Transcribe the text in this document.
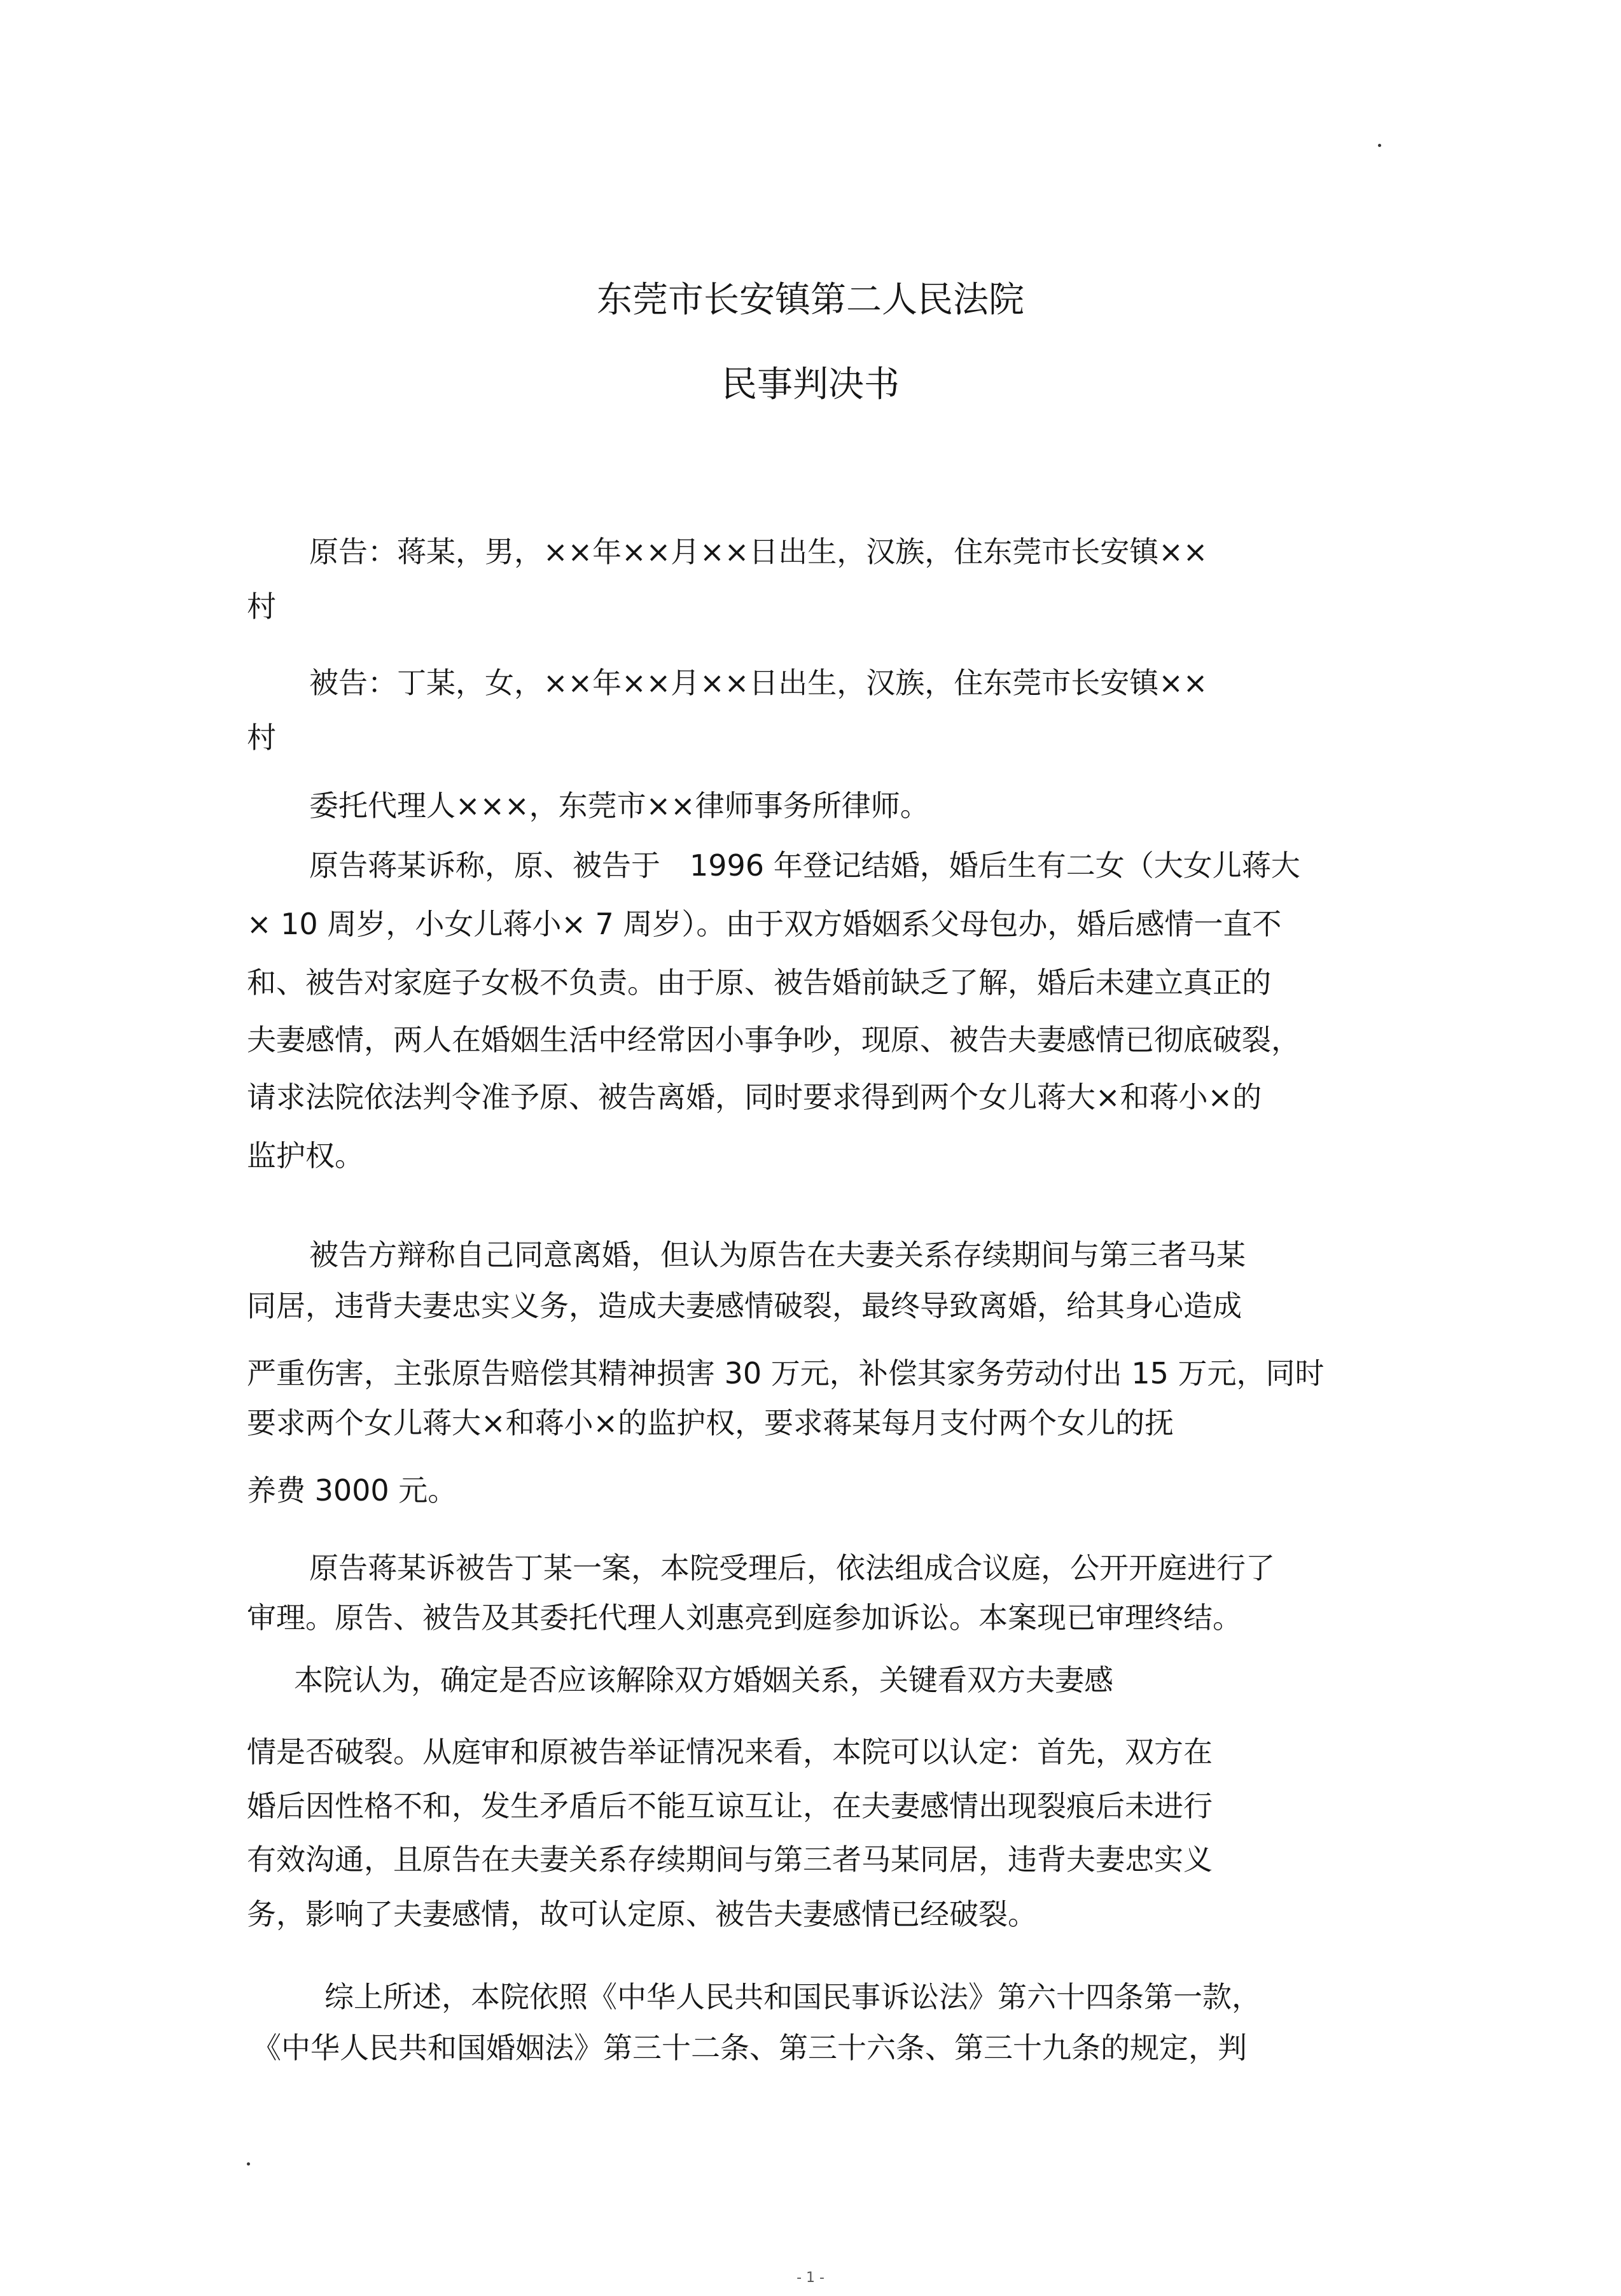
东莞市长安镇第二人民法院
民事判决书
原告：蒋某，男，××年××月××日出生，汉族，住东莞市长安镇××
村
被告：丁某，女，××年××月××日出生，汉族，住东莞市长安镇××
村
委托代理人×××，东莞市××律师事务所律师。
原告蒋某诉称，原、被告于　1996 年登记结婚，婚后生有二女（大女儿蒋大
× 10 周岁，小女儿蒋小× 7 周岁）。由于双方婚姻系父母包办，婚后感情一直不
和、被告对家庭子女极不负责。由于原、被告婚前缺乏了解，婚后未建立真正的
夫妻感情，两人在婚姻生活中经常因小事争吵，现原、被告夫妻感情已彻底破裂，
请求法院依法判令准予原、被告离婚，同时要求得到两个女儿蒋大×和蒋小×的
监护权。
被告方辩称自己同意离婚，但认为原告在夫妻关系存续期间与第三者马某
同居，违背夫妻忠实义务，造成夫妻感情破裂，最终导致离婚，给其身心造成
严重伤害，主张原告赔偿其精神损害 30 万元，补偿其家务劳动付出 15 万元，同时
要求两个女儿蒋大×和蒋小×的监护权，要求蒋某每月支付两个女儿的抚
养费 3000 元。
原告蒋某诉被告丁某一案，本院受理后，依法组成合议庭，公开开庭进行了
审理。原告、被告及其委托代理人刘惠亮到庭参加诉讼。本案现已审理终结。
本院认为，确定是否应该解除双方婚姻关系，关键看双方夫妻感
情是否破裂。从庭审和原被告举证情况来看，本院可以认定：首先，双方在
婚后因性格不和，发生矛盾后不能互谅互让，在夫妻感情出现裂痕后未进行
有效沟通，且原告在夫妻关系存续期间与第三者马某同居，违背夫妻忠实义
务，影响了夫妻感情，故可认定原、被告夫妻感情已经破裂。
综上所述，本院依照《中华人民共和国民事诉讼法》第六十四条第一款，
《中华人民共和国婚姻法》第三十二条、第三十六条、第三十九条的规定，判
- 1 -
